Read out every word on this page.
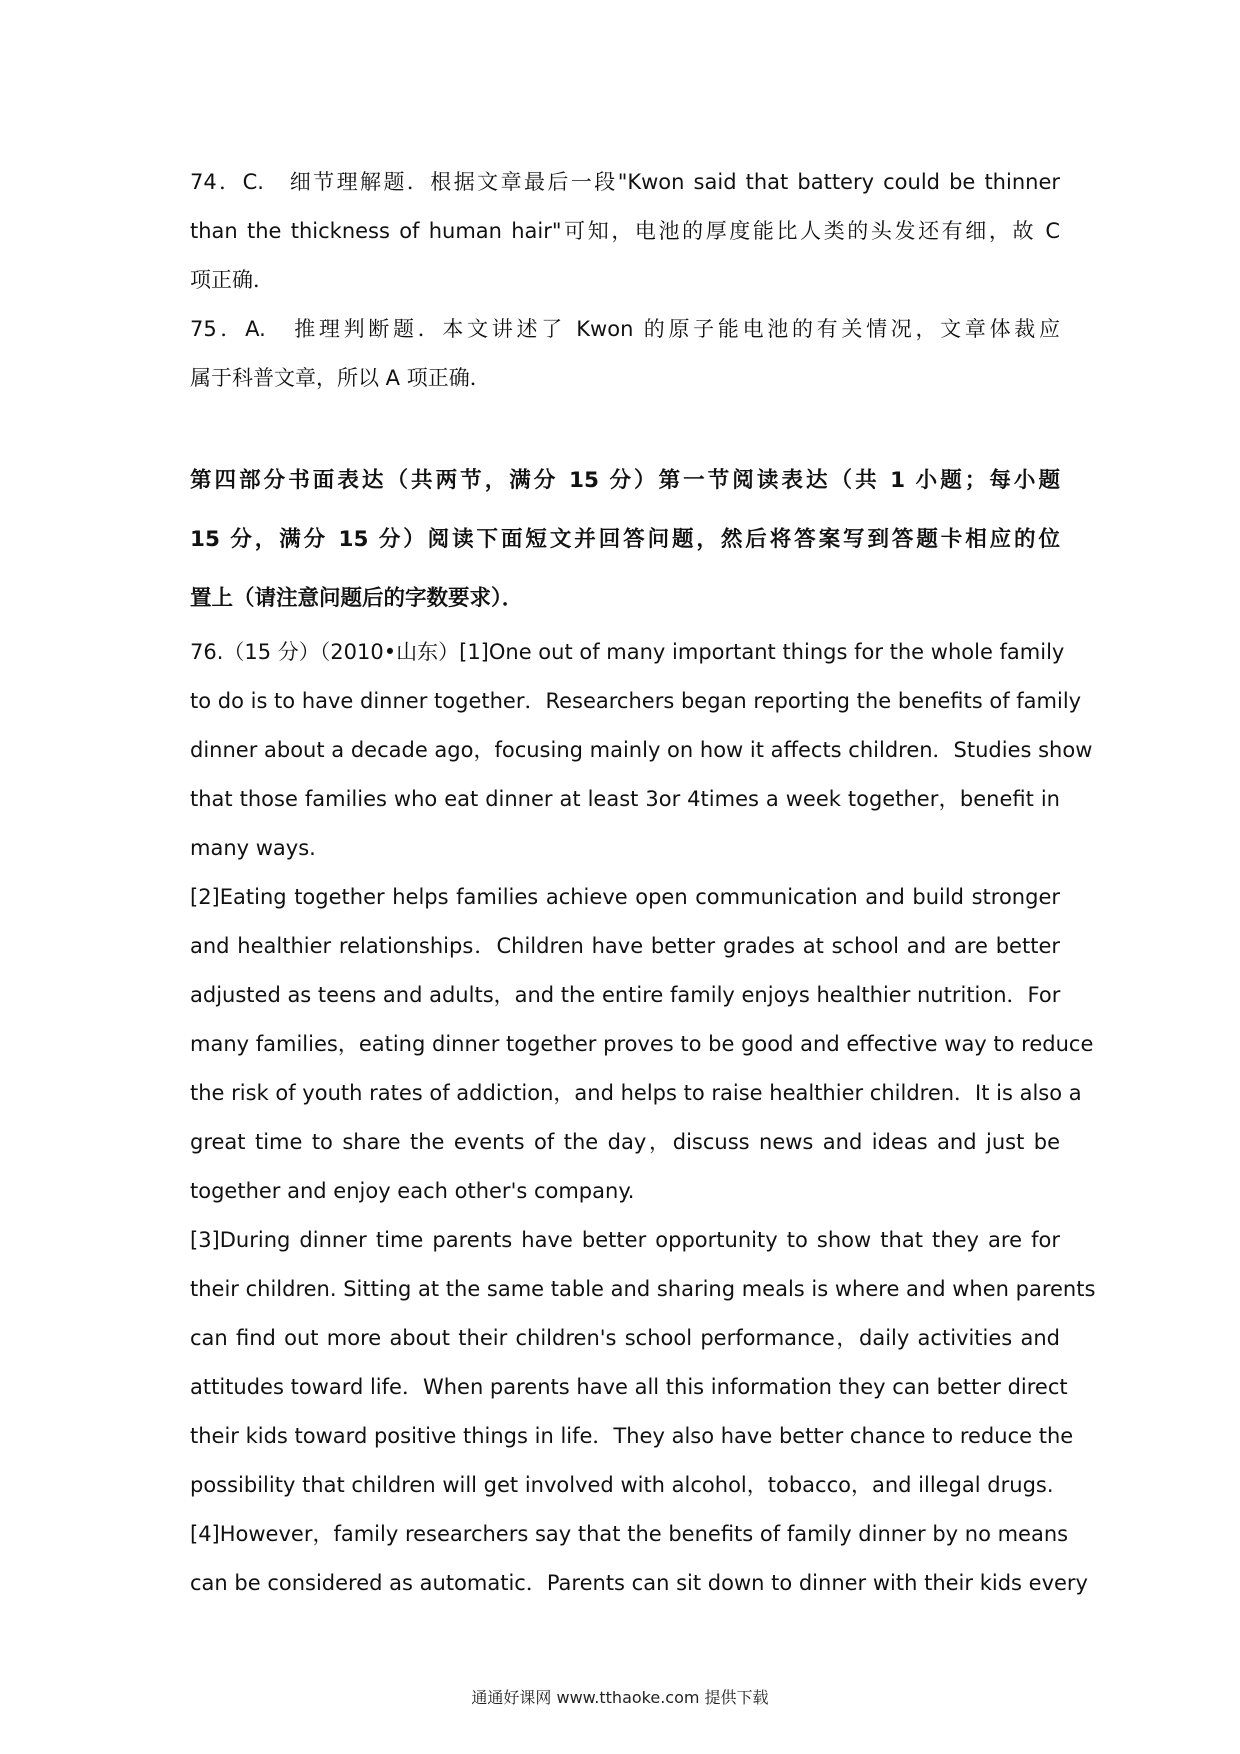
74．C.　细节理解题．根据文章最后一段"Kwon said that battery could be thinner
than the thickness of human hair"可知，电池的厚度能比人类的头发还有细，故 C
项正确．
75．A.　推理判断题．本文讲述了 Kwon 的原子能电池的有关情况，文章体裁应
属于科普文章，所以 A 项正确．
第四部分书面表达（共两节，满分 15 分）第一节阅读表达（共 1 小题；每小题
15 分，满分 15 分）阅读下面短文并回答问题，然后将答案写到答题卡相应的位
置上（请注意问题后的字数要求）．
76.（15 分）（2010•山东）[1]One out of many important things for the whole family
to do is to have dinner together．Researchers began reporting the benefits of family
dinner about a decade ago，focusing mainly on how it affects children．Studies show
that those families who eat dinner at least 3or 4times a week together，benefit in
many ways.
[2]Eating together helps families achieve open communication and build stronger
and healthier relationships．Children have better grades at school and are better
adjusted as teens and adults，and the entire family enjoys healthier nutrition．For
many families，eating dinner together proves to be good and effective way to reduce
the risk of youth rates of addiction，and helps to raise healthier children．It is also a
great time to share the events of the day，discuss news and ideas and just be
together and enjoy each other's company.
[3]During dinner time parents have better opportunity to show that they are for
their children. Sitting at the same table and sharing meals is where and when parents
can find out more about their children's school performance，daily activities and
attitudes toward life．When parents have all this information they can better direct
their kids toward positive things in life．They also have better chance to reduce the
possibility that children will get involved with alcohol，tobacco，and illegal drugs.
[4]However，family researchers say that the benefits of family dinner by no means
can be considered as automatic．Parents can sit down to dinner with their kids every
通通好课网 www.tthaoke.com 提供下载
